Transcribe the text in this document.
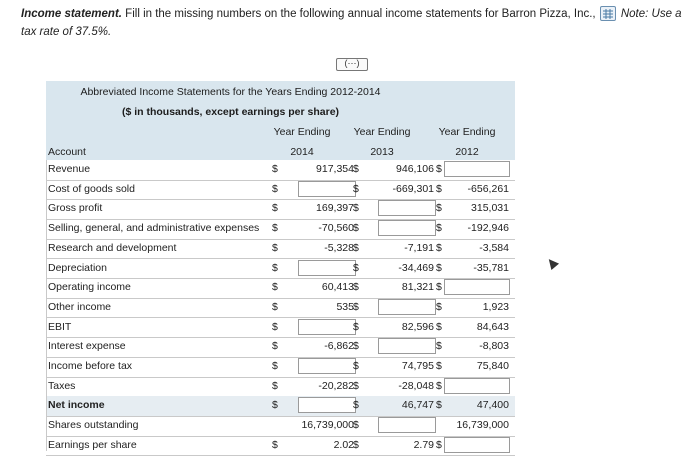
Income statement. Fill in the missing numbers on the following annual income statements for Barron Pizza, Inc., Note: Use a tax rate of 37.5%.
(⋯)
Abbreviated Income Statements for the Years Ending 2012-2014
($ in thousands, except earnings per share)
Year Ending	Year Ending	Year Ending
2014	2013	2012
Account
Revenue	$	917,354 $	946,106 $
Cost of goods sold	$	$	-669,301 $	-656,261
Gross profit	$	169,397 $	$	315,031
Selling, general, and administrative expenses $	-70,560 $	$	-192,946
Research and development	$	-5,328 $	-7,191 $	-3,584
Depreciation	$	$	-34,469 $	-35,781
Operating income	$	60,413 $	81,321 $
Other income	$	535 $	$	1,923
EBIT	$	$	82,596 $	84,643
Interest expense	$	-6,862 $	$	-8,803
Income before tax	$	$	74,795 $	75,840
Taxes	$	-20,282 $	-28,048 $
Net income	$	$	46,747 $	47,400
Shares outstanding	16,739,000 $	16,739,000
Earnings per share	$	2.02 $	2.79 $
